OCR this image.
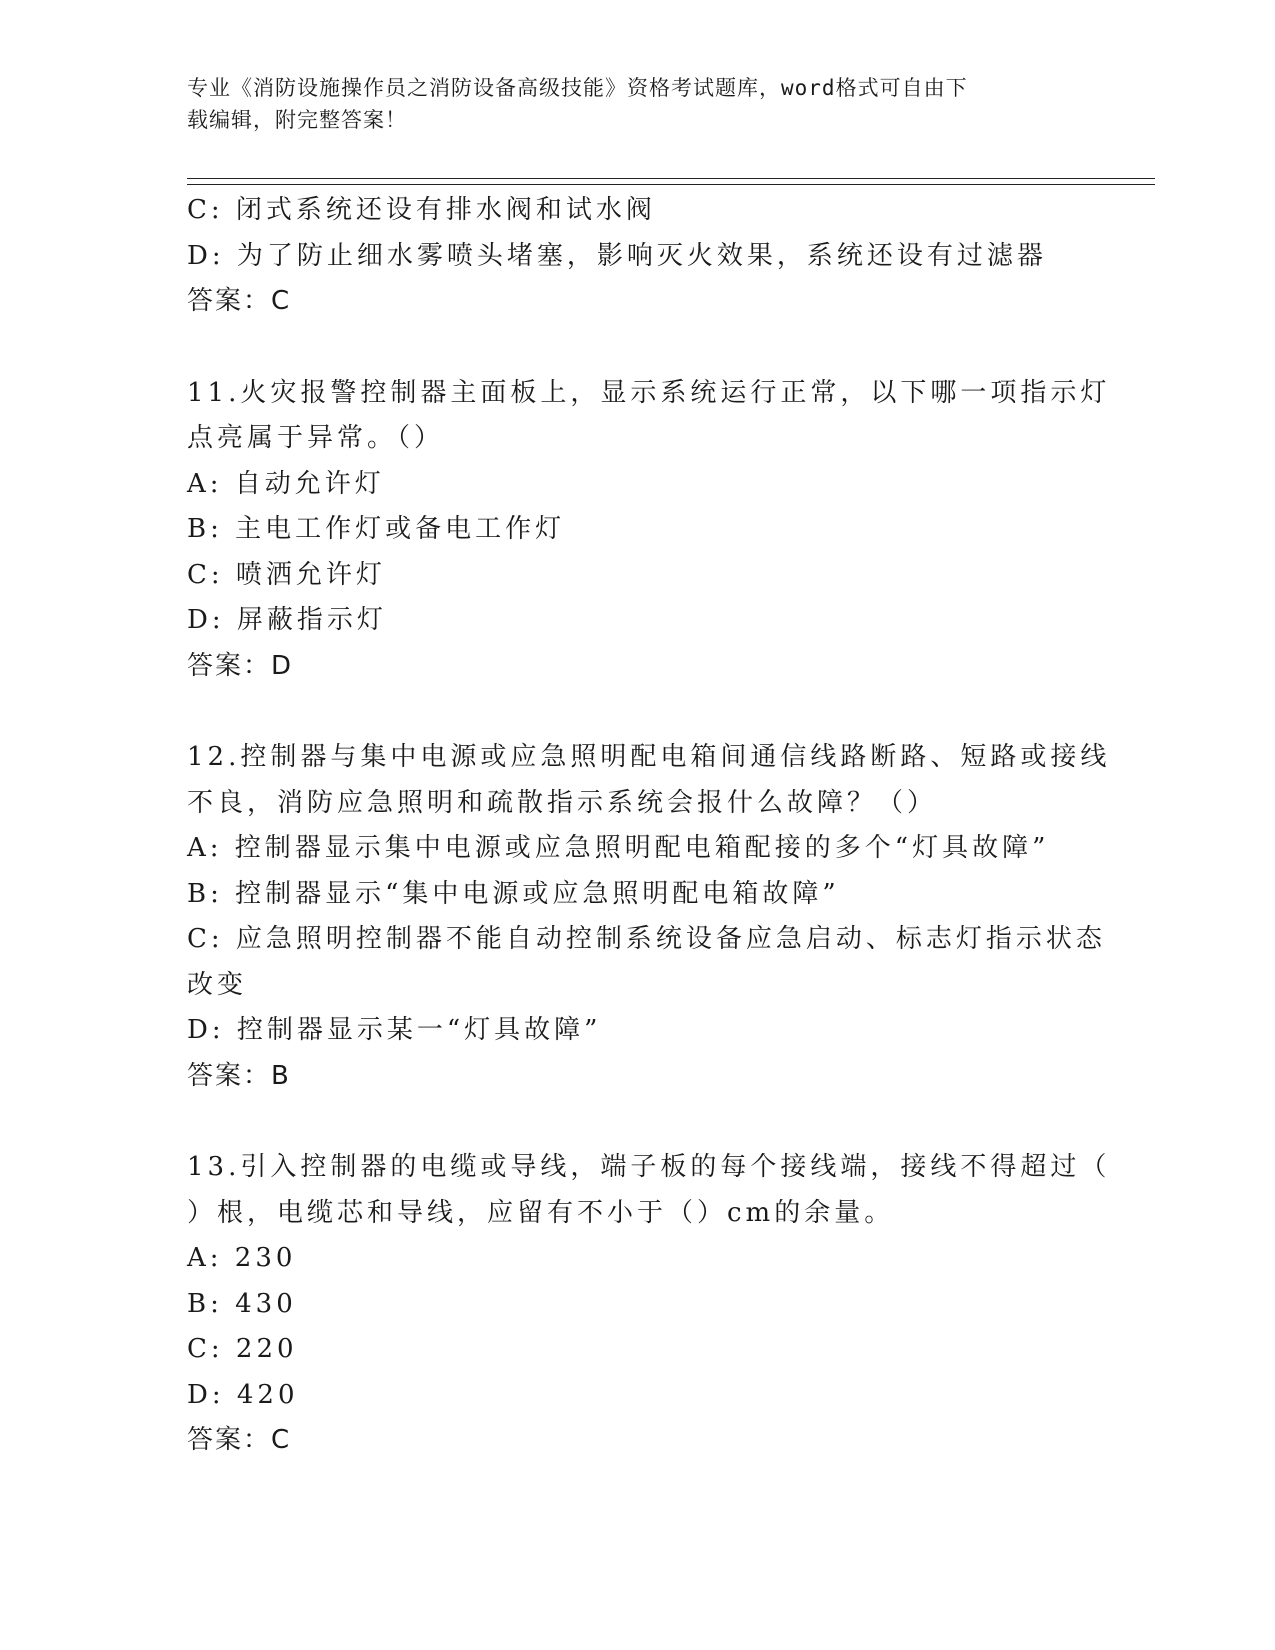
专业《消防设施操作员之消防设备高级技能》资格考试题库，word格式可自由下
载编辑，附完整答案！
C: 闭式系统还设有排水阀和试水阀
D: 为了防止细水雾喷头堵塞，影响灭火效果，系统还设有过滤器
答案：C
11.火灾报警控制器主面板上，显示系统运行正常，以下哪一项指示灯
点亮属于异常。（）
A: 自动允许灯
B: 主电工作灯或备电工作灯
C: 喷洒允许灯
D: 屏蔽指示灯
答案：D
12.控制器与集中电源或应急照明配电箱间通信线路断路、短路或接线
不良，消防应急照明和疏散指示系统会报什么故障？（）
A: 控制器显示集中电源或应急照明配电箱配接的多个“灯具故障”
B: 控制器显示“集中电源或应急照明配电箱故障”
C: 应急照明控制器不能自动控制系统设备应急启动、标志灯指示状态
改变
D: 控制器显示某一“灯具故障”
答案：B
13.引入控制器的电缆或导线，端子板的每个接线端，接线不得超过（
）根，电缆芯和导线，应留有不小于（）cm的余量。
A: 230
B: 430
C: 220
D: 420
答案：C
